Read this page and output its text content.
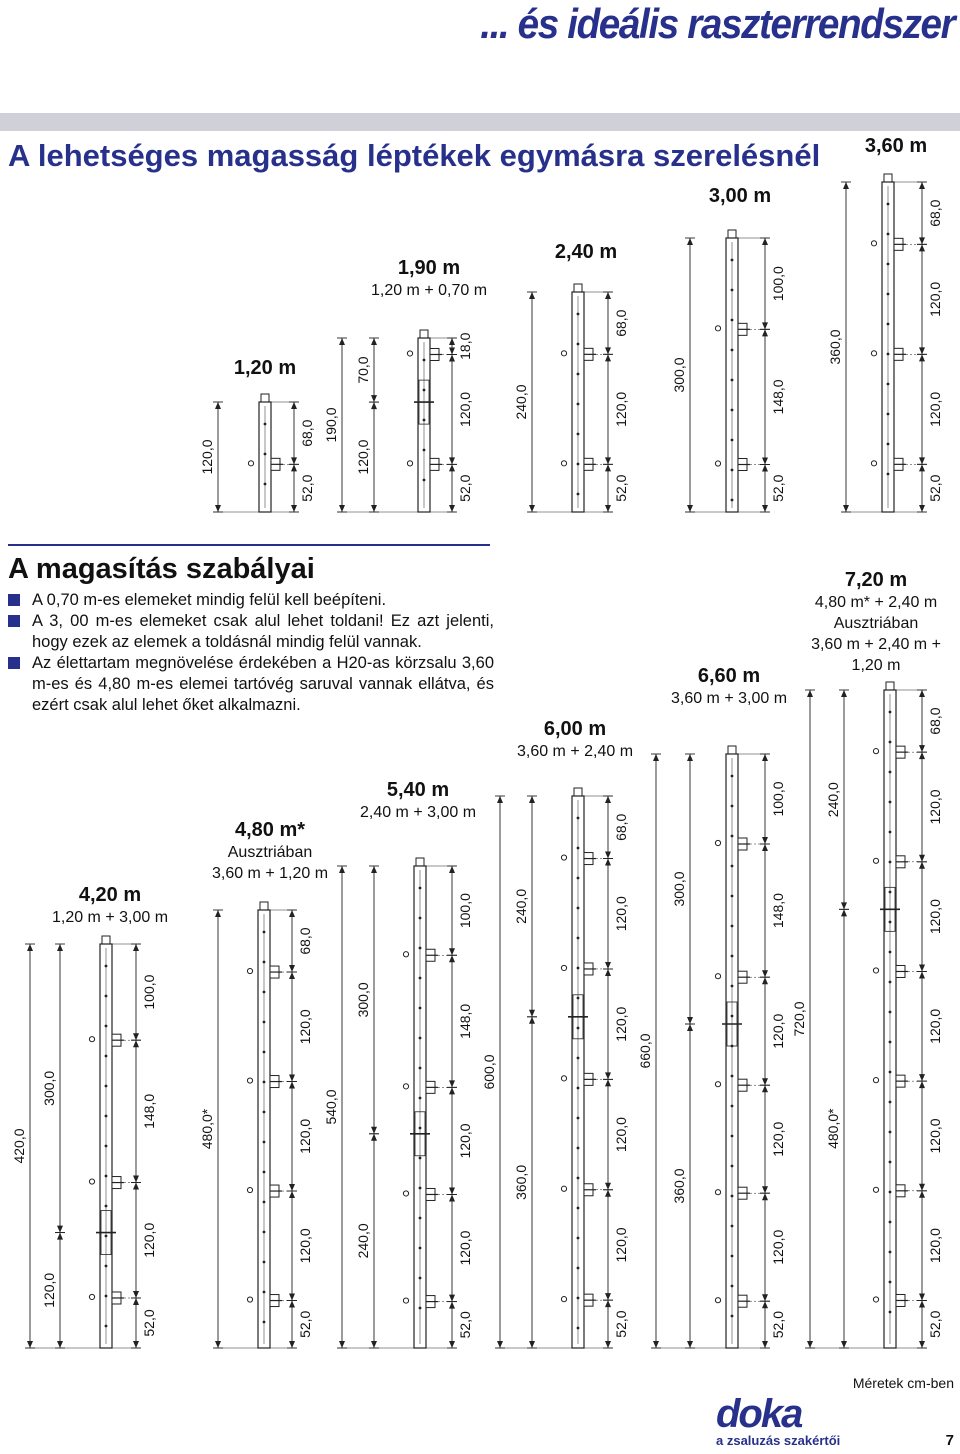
... és ideális raszterrendszer
A lehetséges magasság léptékek egymásra szerelésnél
A magasítás szabályai
A 0,70 m-es elemeket mindig felül kell beépíteni.
A 3, 00 m-es elemeket csak alul lehet toldani! Ez azt jelenti, hogy ezek az elemek a toldásnál mindig felül vannak.
Az élettartam megnövelése érdekében a H20-as körzsalu 3,60 m-es és 4,80 m-es elemei tartóvég saruval vannak ellátva, és ezért csak alul lehet őket alkalmazni.
1,20 m
1,90 m
1,20 m + 0,70 m
2,40 m
3,00 m
3,60 m
4,20 m
1,20 m + 3,00 m
4,80 m*
Ausztriában
3,60 m + 1,20 m
5,40 m
2,40 m + 3,00 m
6,00 m
3,60 m + 2,40 m
6,60 m
3,60 m + 3,00 m
7,20 m
4,80 m* + 2,40 m
Ausztriában
3,60 m + 2,40 m +
1,20 m
120,0
68,0
52,0
190,0
70,0
120,0
18,0
120,0
52,0
240,0
68,0
120,0
52,0
300,0
100,0
148,0
52,0
360,0
68,0
120,0
120,0
52,0
420,0
300,0
120,0
100,0
148,0
120,0
52,0
480,0*
68,0
120,0
120,0
120,0
52,0
540,0
300,0
240,0
100,0
148,0
120,0
120,0
52,0
600,0
240,0
360,0
68,0
120,0
120,0
120,0
120,0
52,0
660,0
300,0
360,0
100,0
148,0
120,0
120,0
120,0
52,0
720,0
240,0
480,0*
68,0
120,0
120,0
120,0
120,0
120,0
52,0
Méretek cm-ben
doka
a zsaluzás szakértői	7
